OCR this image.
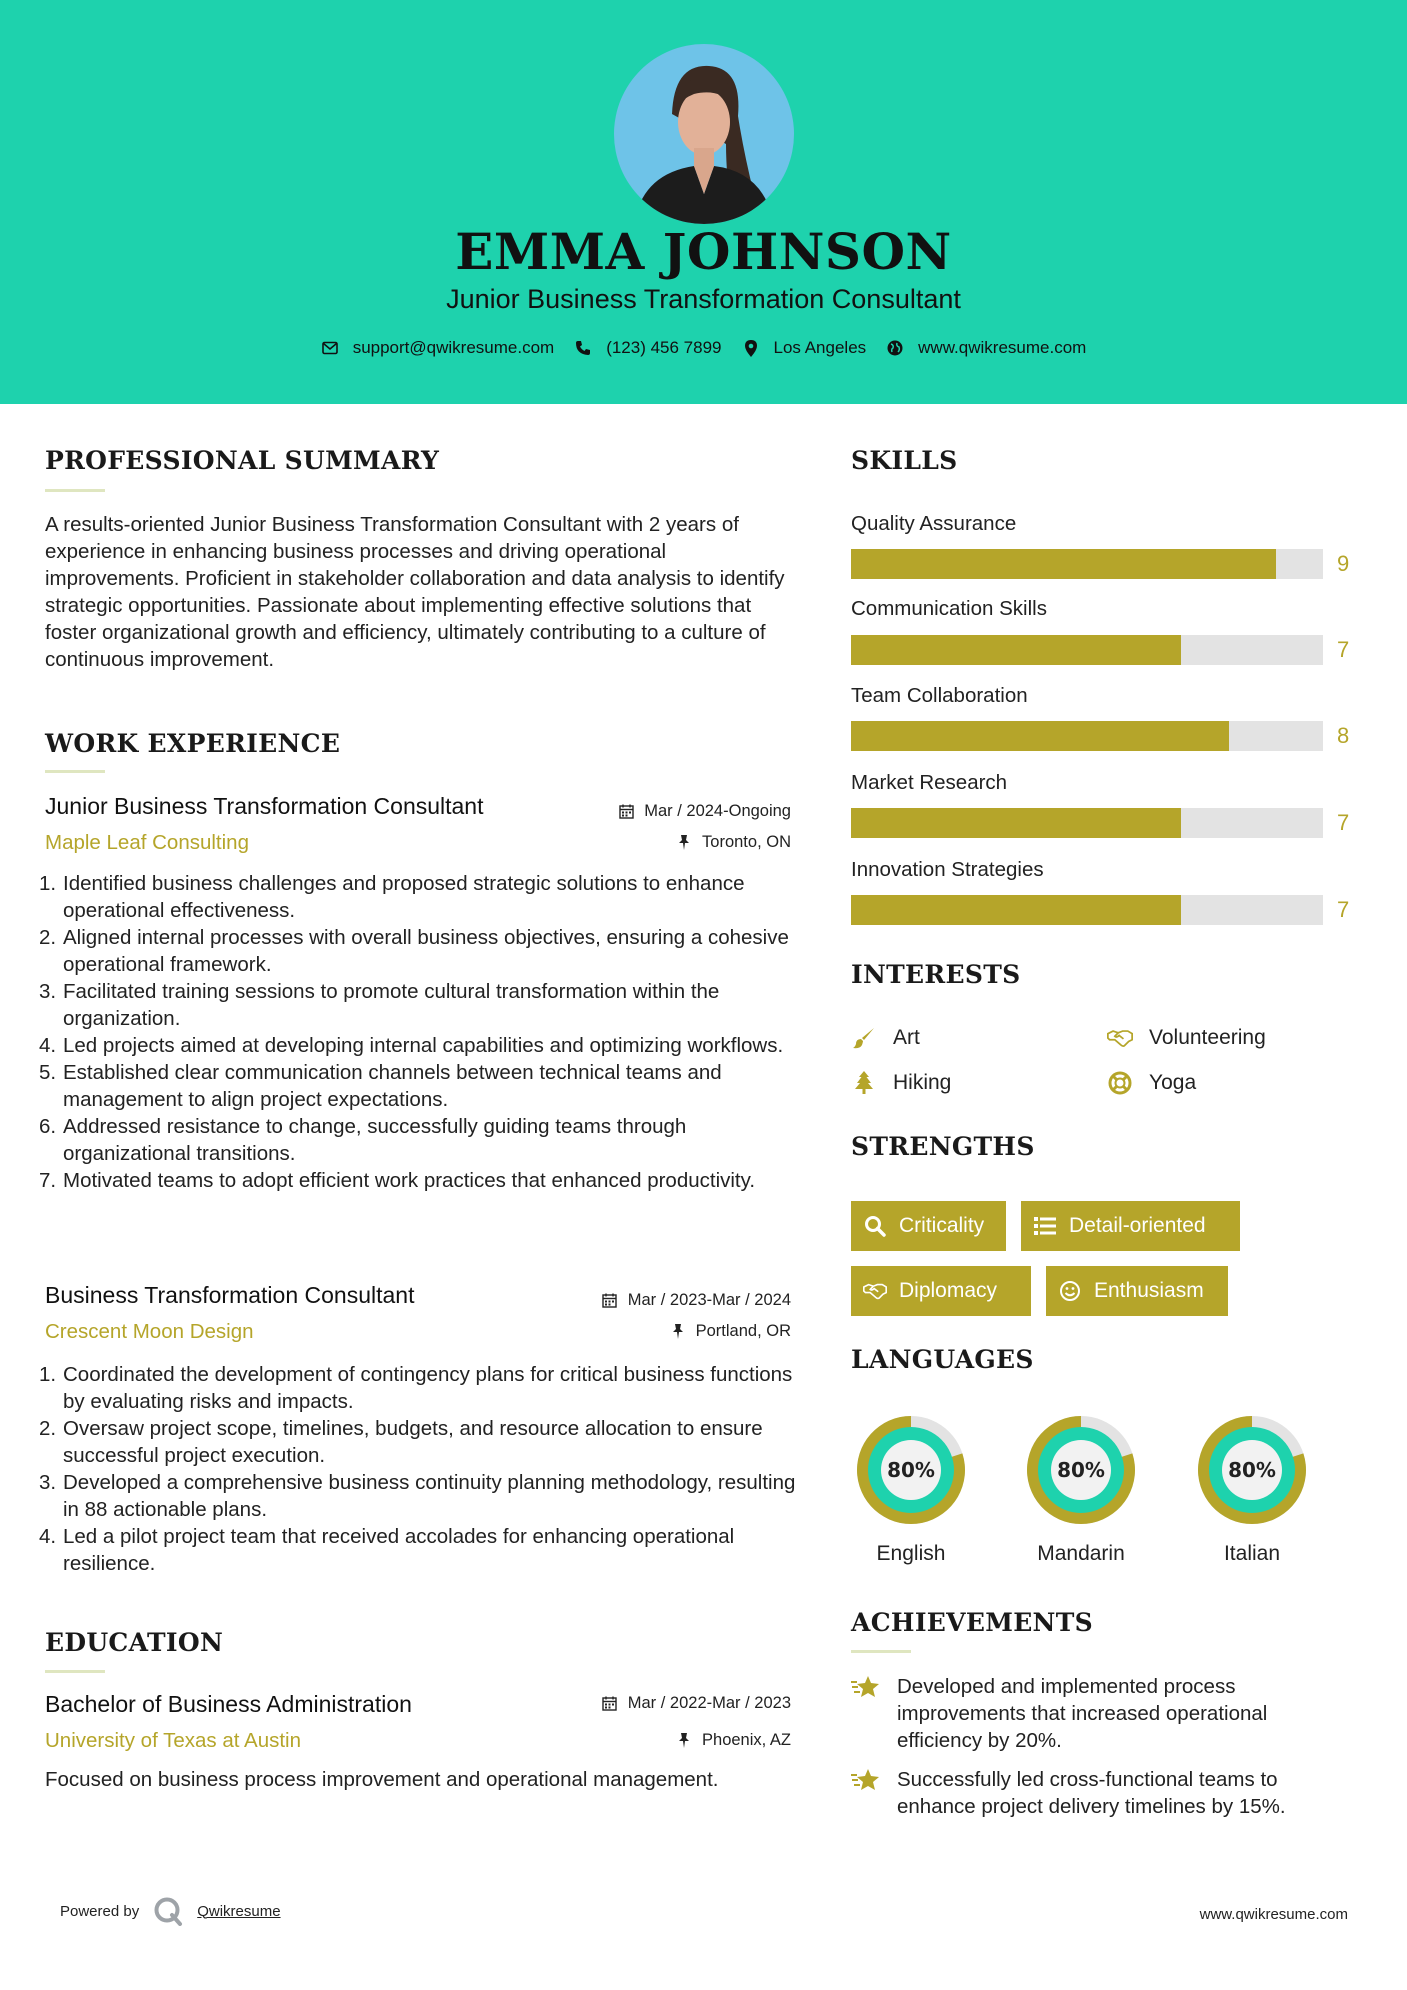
EMMA JOHNSON
Junior Business Transformation Consultant
support@qwikresume.com	(123) 456 7899	Los Angeles	www.qwikresume.com
PROFESSIONAL SUMMARY
A results-oriented Junior Business Transformation Consultant with 2 years of experience in enhancing business processes and driving operational improvements. Proficient in stakeholder collaboration and data analysis to identify strategic opportunities. Passionate about implementing effective solutions that foster organizational growth and efficiency, ultimately contributing to a culture of continuous improvement.
WORK EXPERIENCE
Junior Business Transformation Consultant	Mar / 2024-Ongoing
Maple Leaf Consulting	Toronto, ON
1. Identified business challenges and proposed strategic solutions to enhance operational effectiveness.
2. Aligned internal processes with overall business objectives, ensuring a cohesive operational framework.
3. Facilitated training sessions to promote cultural transformation within the organization.
4. Led projects aimed at developing internal capabilities and optimizing workflows.
5. Established clear communication channels between technical teams and management to align project expectations.
6. Addressed resistance to change, successfully guiding teams through organizational transitions.
7. Motivated teams to adopt efficient work practices that enhanced productivity.
Business Transformation Consultant	Mar / 2023-Mar / 2024
Crescent Moon Design	Portland, OR
1. Coordinated the development of contingency plans for critical business functions by evaluating risks and impacts.
2. Oversaw project scope, timelines, budgets, and resource allocation to ensure successful project execution.
3. Developed a comprehensive business continuity planning methodology, resulting in 88 actionable plans.
4. Led a pilot project team that received accolades for enhancing operational resilience.
EDUCATION
Bachelor of Business Administration	Mar / 2022-Mar / 2023
University of Texas at Austin	Phoenix, AZ
Focused on business process improvement and operational management.
SKILLS
Quality Assurance
9
Communication Skills
7
Team Collaboration
8
Market Research
7
Innovation Strategies
7
INTERESTS
Art	Volunteering
Hiking	Yoga
STRENGTHS
Criticality	Detail-oriented
Diplomacy	Enthusiasm
LANGUAGES
80%
English
80%
Mandarin
80%
Italian
ACHIEVEMENTS
Developed and implemented process improvements that increased operational efficiency by 20%.
Successfully led cross-functional teams to enhance project delivery timelines by 15%.
Powered by	Qwikresume	www.qwikresume.com
